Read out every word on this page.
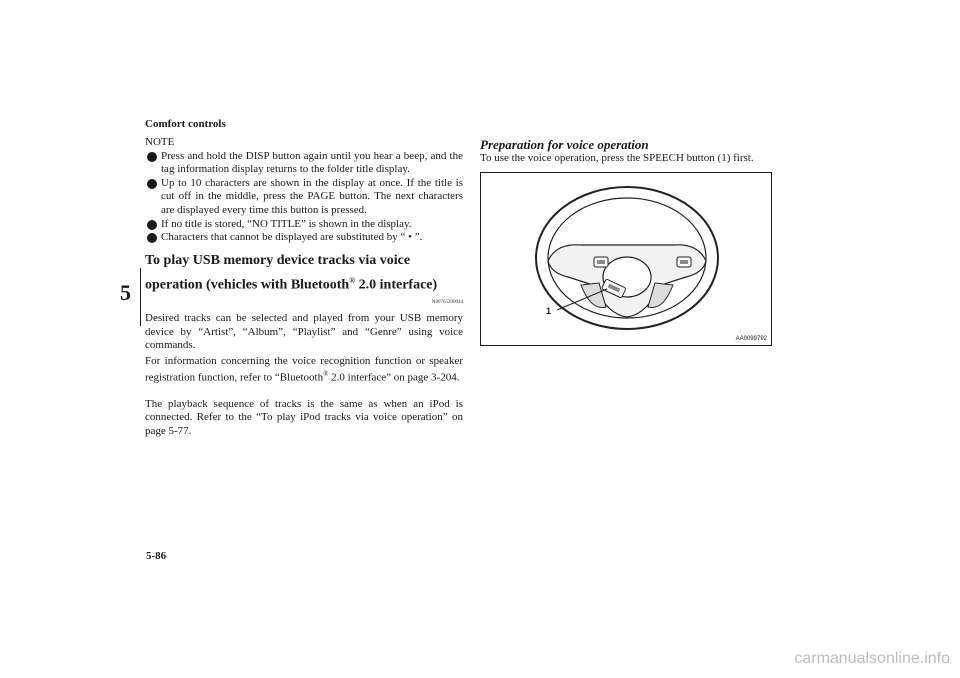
Comfort controls
5
5-86

NOTE

Press and hold the DISP button again until you hear a beep, and the tag information display returns to the folder title display.
Up to 10 characters are shown in the display at once. If the title is cut off in the middle, press the PAGE button. The next characters are displayed every time this button is pressed.
If no title is stored, “NO TITLE” is shown in the display.
Characters that cannot be displayed are substituted by “ • ”.
To play USB memory device tracks via voice operation (vehicles with Bluetooth® 2.0 interface)
N00765200044

Desired tracks can be selected and played from your USB memory device by “Artist”, “Album”, “Playlist” and “Genre” using voice commands.

For information concerning the voice recognition function or speaker registration function, refer to “Bluetooth® 2.0 interface” on page 3-204.

The playback sequence of tracks is the same as when an iPod is connected. Refer to the “To play iPod tracks via voice operation” on page 5-77.

Preparation for voice operation
To use the voice operation, press the SPEECH button (1) first.
1
AA0099792
carmanualsonline.info
